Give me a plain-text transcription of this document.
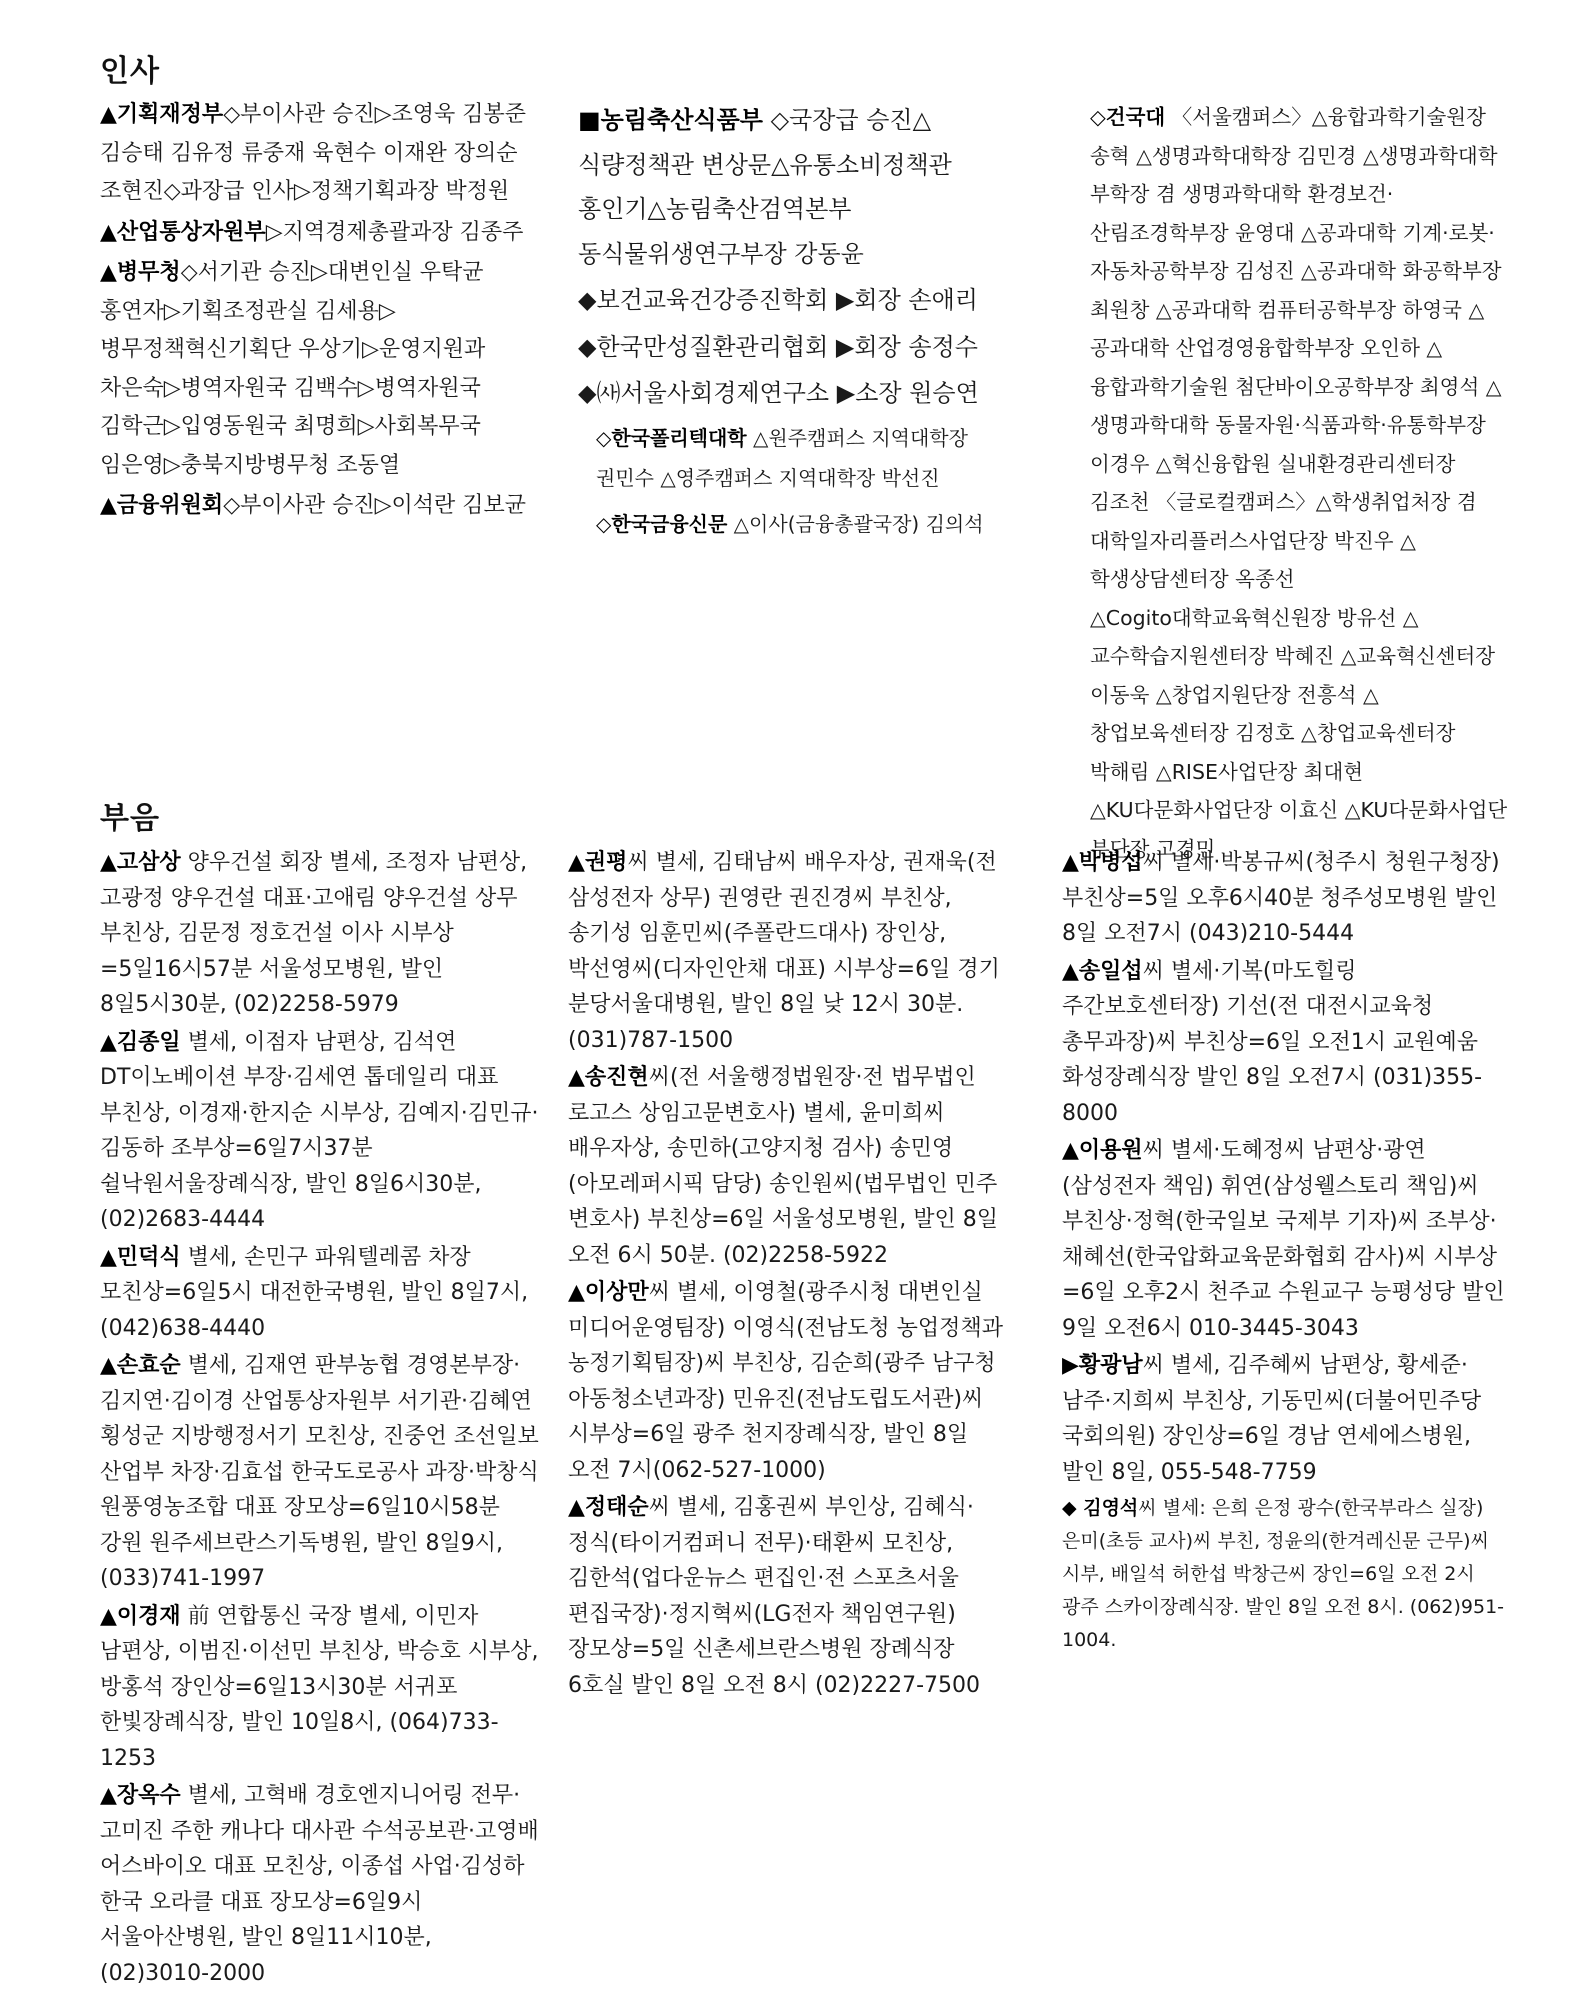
인사

▲기획재정부◇부이사관 승진▷조영욱 김봉준 김승태 김유정 류중재 육현수 이재완 장의순 조현진◇과장급 인사▷정책기획과장 박정원

▲산업통상자원부▷지역경제총괄과장 김종주

▲병무청◇서기관 승진▷대변인실 우탁균 홍연자▷기획조정관실 김세용▷병무정책혁신기획단 우상기▷운영지원과 차은숙▷병역자원국 김백수▷병역자원국 김학근▷입영동원국 최명희▷사회복무국 임은영▷충북지방병무청 조동열

▲금융위원회◇부이사관 승진▷이석란 김보균

■농림축산식품부 ◇국장급 승진△식량정책관 변상문△유통소비정책관 홍인기△농림축산검역본부 동식물위생연구부장 강동윤

◆보건교육건강증진학회 ▶회장 손애리

◆한국만성질환관리협회 ▶회장 송정수

◆㈔서울사회경제연구소 ▶소장 원승연

◇한국폴리텍대학 △원주캠퍼스 지역대학장 권민수 △영주캠퍼스 지역대학장 박선진

◇한국금융신문 △이사(금융총괄국장) 김의석

◇건국대 〈서울캠퍼스〉△융합과학기술원장 송혁 △생명과학대학장 김민경 △생명과학대학 부학장 겸 생명과학대학 환경보건·산림조경학부장 윤영대 △공과대학 기계·로봇·자동차공학부장 김성진 △공과대학 화공학부장 최원창 △공과대학 컴퓨터공학부장 하영국 △공과대학 산업경영융합학부장 오인하 △융합과학기술원 첨단바이오공학부장 최영석 △생명과학대학 동물자원·식품과학·유통학부장 이경우 △혁신융합원 실내환경관리센터장 김조천 〈글로컬캠퍼스〉△학생취업처장 겸 대학일자리플러스사업단장 박진우 △학생상담센터장 옥종선 △Cogito대학교육혁신원장 방유선 △교수학습지원센터장 박혜진 △교육혁신센터장 이동욱 △창업지원단장 전흥석 △창업보육센터장 김정호 △창업교육센터장 박해림 △RISE사업단장 최대현 △KU다문화사업단장 이효신 △KU다문화사업단 부단장 고경민

부음

▲고삼상 양우건설 회장 별세, 조정자 남편상, 고광정 양우건설 대표·고애림 양우건설 상무 부친상, 김문정 정호건설 이사 시부상=5일16시57분 서울성모병원, 발인 8일5시30분, (02)2258-5979

▲김종일 별세, 이점자 남편상, 김석연 DT이노베이션 부장·김세연 톱데일리 대표 부친상, 이경재·한지순 시부상, 김예지·김민규·김동하 조부상=6일7시37분 쉴낙원서울장례식장, 발인 8일6시30분, (02)2683-4444

▲민덕식 별세, 손민구 파워텔레콤 차장 모친상=6일5시 대전한국병원, 발인 8일7시, (042)638-4440

▲손효순 별세, 김재연 판부농협 경영본부장·김지연·김이경 산업통상자원부 서기관·김혜연 횡성군 지방행정서기 모친상, 진중언 조선일보 산업부 차장·김효섭 한국도로공사 과장·박창식 원풍영농조합 대표 장모상=6일10시58분 강원 원주세브란스기독병원, 발인 8일9시, (033)741-1997

▲이경재 前 연합통신 국장 별세, 이민자 남편상, 이범진·이선민 부친상, 박승호 시부상, 방홍석 장인상=6일13시30분 서귀포 한빛장례식장, 발인 10일8시, (064)733-1253

▲장옥수 별세, 고혁배 경호엔지니어링 전무·고미진 주한 캐나다 대사관 수석공보관·고영배 어스바이오 대표 모친상, 이종섭 사업·김성하 한국 오라클 대표 장모상=6일9시 서울아산병원, 발인 8일11시10분, (02)3010-2000

▲권평씨 별세, 김태남씨 배우자상, 권재욱(전 삼성전자 상무) 권영란 권진경씨 부친상, 송기성 임훈민씨(주폴란드대사) 장인상, 박선영씨(디자인안채 대표) 시부상=6일 경기 분당서울대병원, 발인 8일 낮 12시 30분. (031)787-1500

▲송진현씨(전 서울행정법원장·전 법무법인 로고스 상임고문변호사) 별세, 윤미희씨 배우자상, 송민하(고양지청 검사) 송민영(아모레퍼시픽 담당) 송인원씨(법무법인 민주 변호사) 부친상=6일 서울성모병원, 발인 8일 오전 6시 50분. (02)2258-5922

▲이상만씨 별세, 이영철(광주시청 대변인실 미디어운영팀장) 이영식(전남도청 농업정책과 농정기획팀장)씨 부친상, 김순희(광주 남구청 아동청소년과장) 민유진(전남도립도서관)씨 시부상=6일 광주 천지장례식장, 발인 8일 오전 7시(062-527-1000)

▲정태순씨 별세, 김홍권씨 부인상, 김혜식·정식(타이거컴퍼니 전무)·태환씨 모친상, 김한석(업다운뉴스 편집인·전 스포츠서울 편집국장)·정지혁씨(LG전자 책임연구원) 장모상=5일 신촌세브란스병원 장례식장 6호실 발인 8일 오전 8시 (02)2227-7500

▲박병섭씨 별세·박봉규씨(청주시 청원구청장) 부친상=5일 오후6시40분 청주성모병원 발인 8일 오전7시 (043)210-5444

▲송일섭씨 별세·기복(마도힐링 주간보호센터장) 기선(전 대전시교육청 총무과장)씨 부친상=6일 오전1시 교원예움 화성장례식장 발인 8일 오전7시 (031)355-8000

▲이용원씨 별세·도혜정씨 남편상·광연(삼성전자 책임) 휘연(삼성웰스토리 책임)씨 부친상·정혁(한국일보 국제부 기자)씨 조부상·채혜선(한국압화교육문화협회 감사)씨 시부상=6일 오후2시 천주교 수원교구 능평성당 발인 9일 오전6시 010-3445-3043

▶황광남씨 별세, 김주혜씨 남편상, 황세준·남주·지희씨 부친상, 기동민씨(더불어민주당 국회의원) 장인상=6일 경남 연세에스병원, 발인 8일, 055-548-7759

◆ 김영석씨 별세: 은희 은정 광수(한국부라스 실장) 은미(초등 교사)씨 부친, 정윤의(한겨레신문 근무)씨 시부, 배일석 허한섭 박창근씨 장인=6일 오전 2시 광주 스카이장례식장. 발인 8일 오전 8시. (062)951-1004.
